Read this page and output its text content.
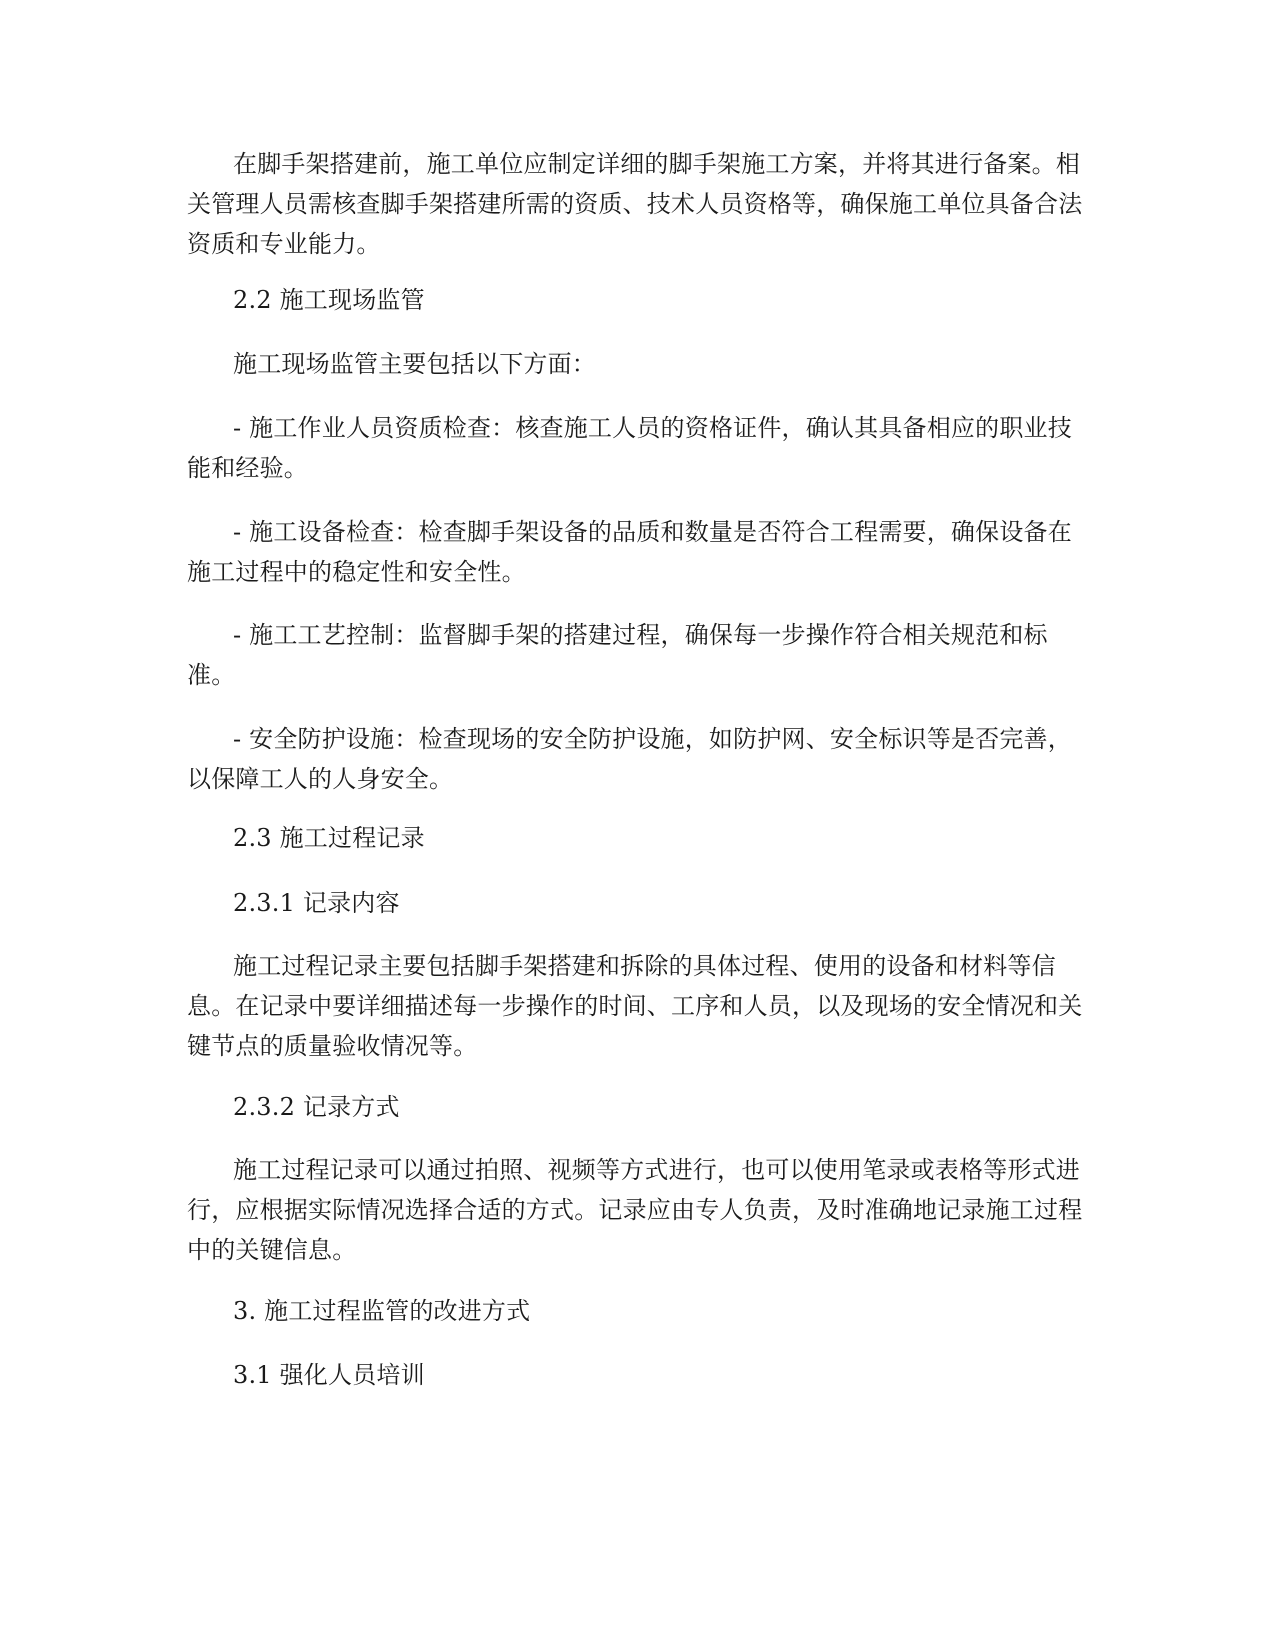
在脚手架搭建前，施工单位应制定详细的脚手架施工方案，并将其进行备案。相关管理人员需核查脚手架搭建所需的资质、技术人员资格等，确保施工单位具备合法资质和专业能力。

2.2 施工现场监管

施工现场监管主要包括以下方面：

- 施工作业人员资质检查：核查施工人员的资格证件，确认其具备相应的职业技能和经验。

- 施工设备检查：检查脚手架设备的品质和数量是否符合工程需要，确保设备在施工过程中的稳定性和安全性。

- 施工工艺控制：监督脚手架的搭建过程，确保每一步操作符合相关规范和标准。

- 安全防护设施：检查现场的安全防护设施，如防护网、安全标识等是否完善，以保障工人的人身安全。

2.3 施工过程记录

2.3.1 记录内容

施工过程记录主要包括脚手架搭建和拆除的具体过程、使用的设备和材料等信息。在记录中要详细描述每一步操作的时间、工序和人员，以及现场的安全情况和关键节点的质量验收情况等。

2.3.2 记录方式

施工过程记录可以通过拍照、视频等方式进行，也可以使用笔录或表格等形式进行，应根据实际情况选择合适的方式。记录应由专人负责，及时准确地记录施工过程中的关键信息。

3. 施工过程监管的改进方式

3.1 强化人员培训
